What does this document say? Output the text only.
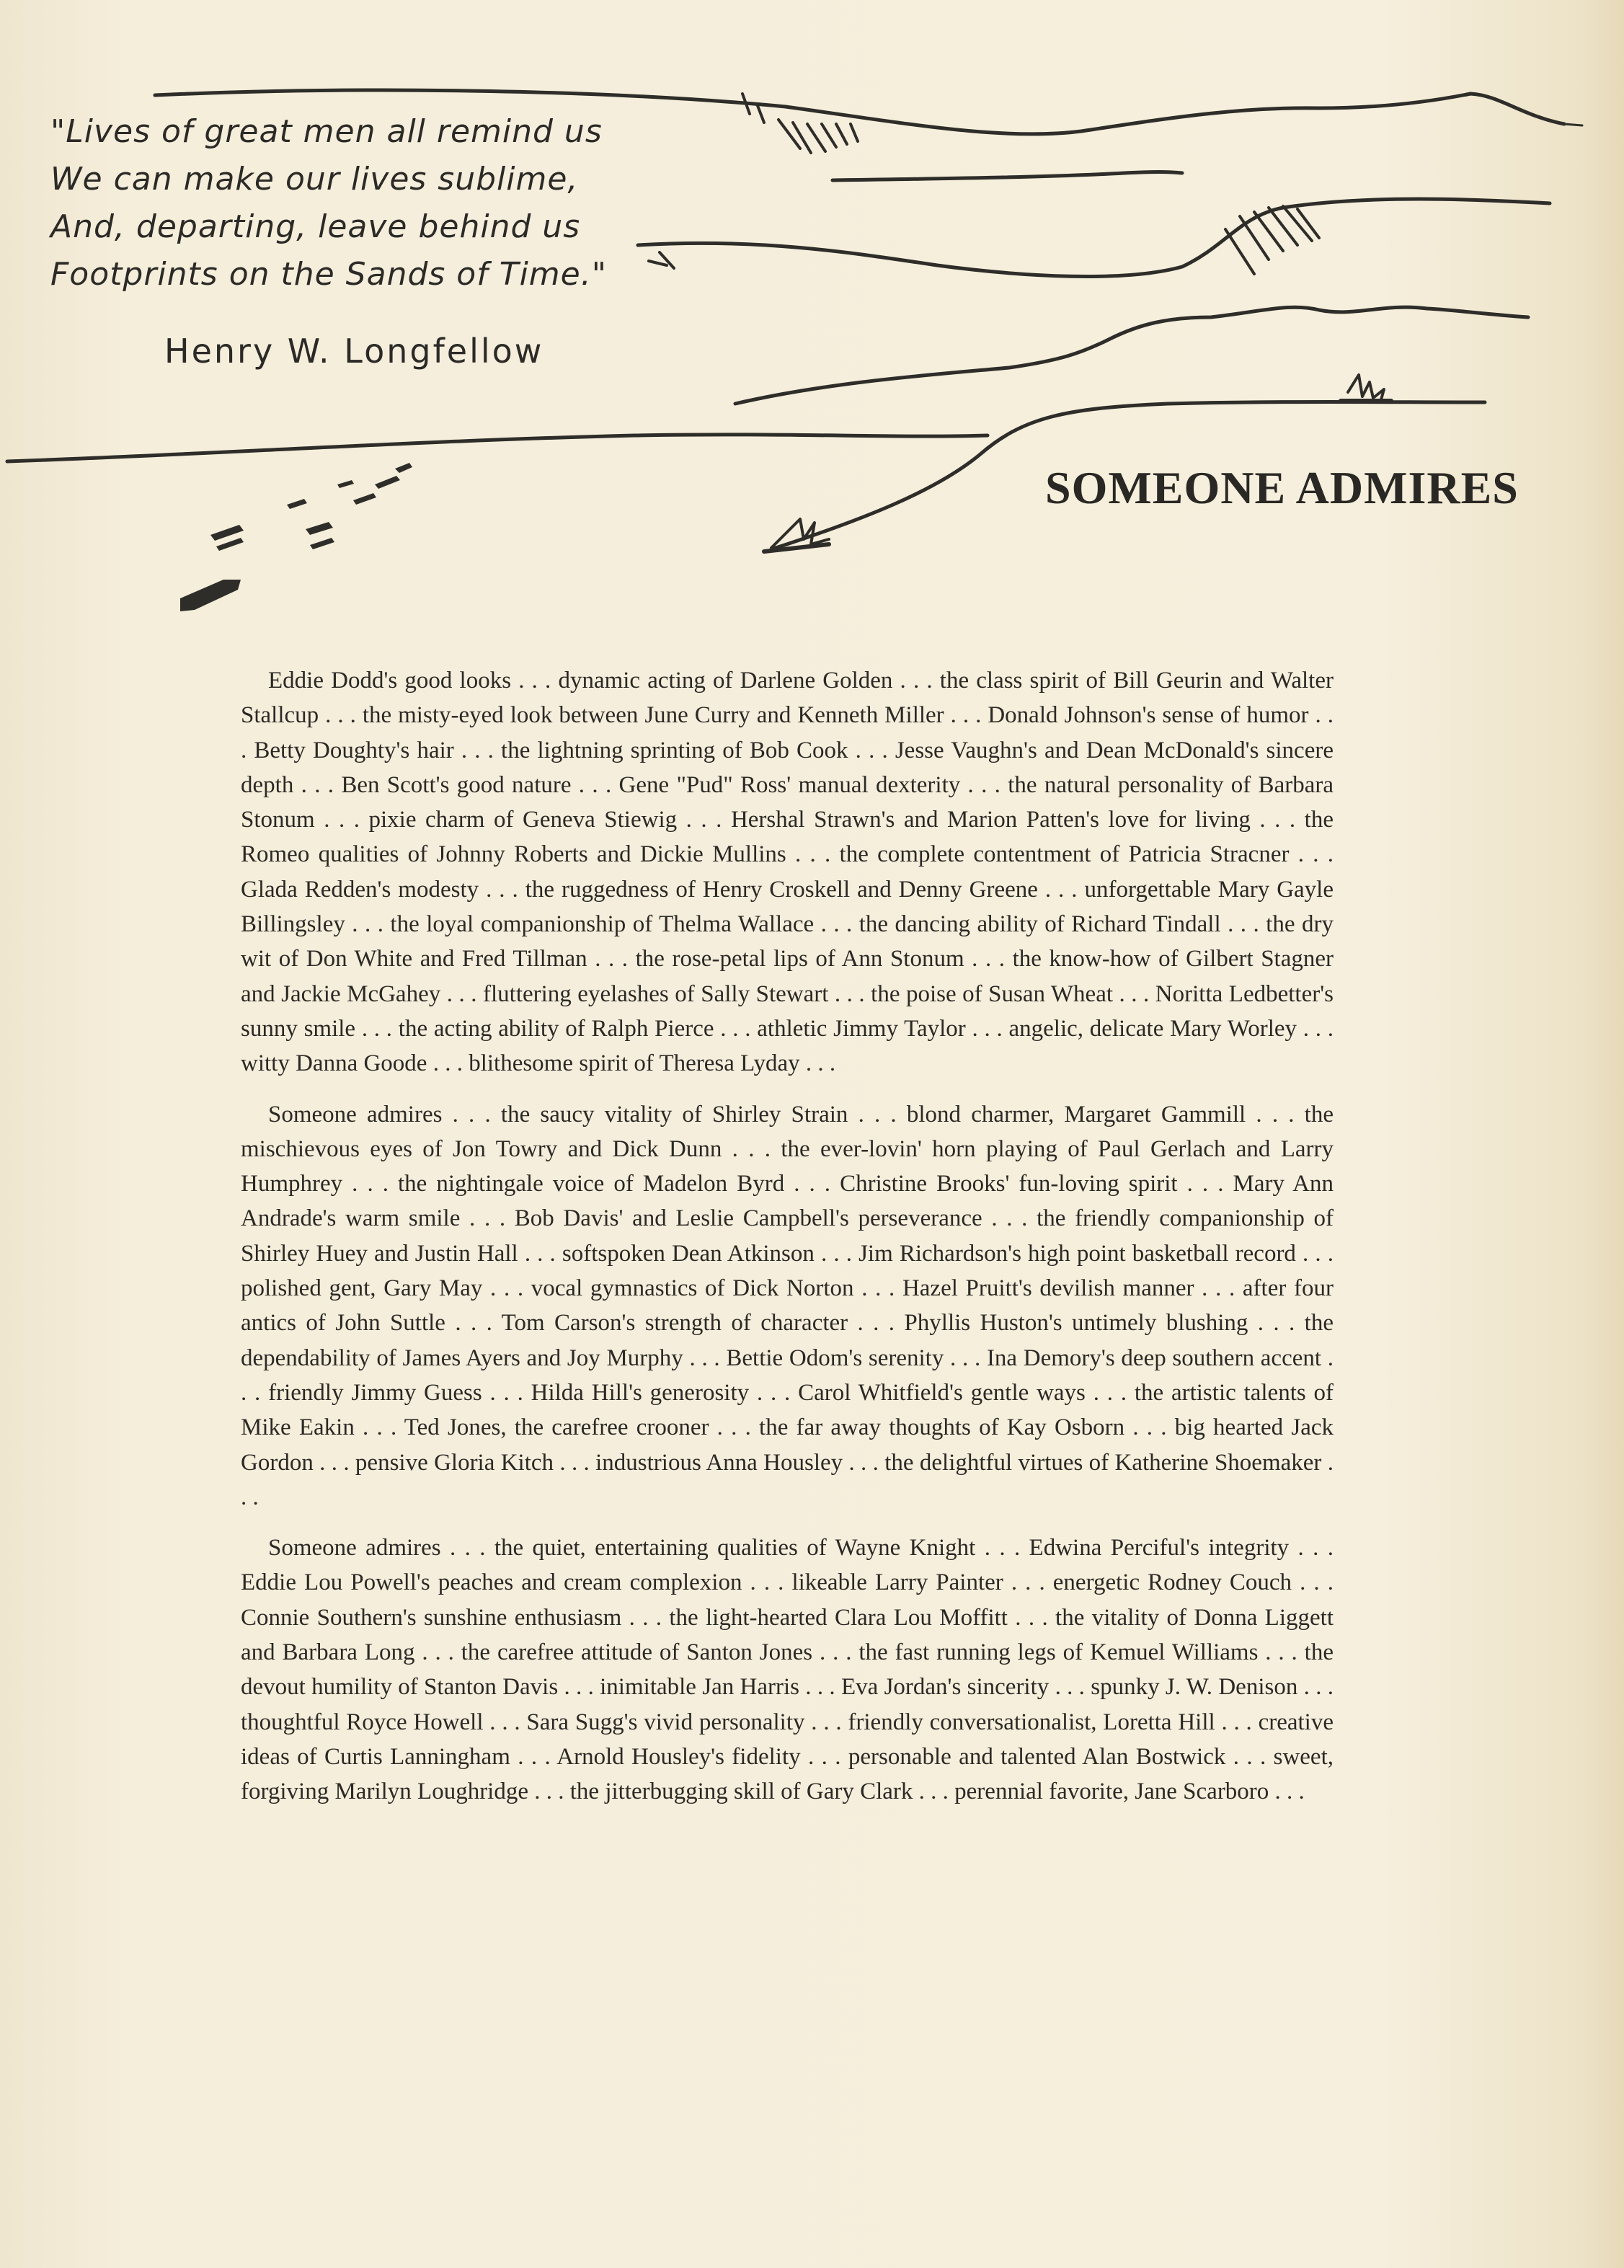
"Lives of great men all remind us
We can make our lives sublime,
And, departing, leave behind us
Footprints on the Sands of Time."
Henry W. Longfellow
SOMEONE ADMIRES

Eddie Dodd's good looks . . . dynamic acting of Darlene Golden . . . the class spirit of Bill Geurin and Walter Stallcup . . . the misty-eyed look between June Curry and Kenneth Miller . . . Donald Johnson's sense of humor . . . Betty Doughty's hair . . . the lightning sprinting of Bob Cook . . . Jesse Vaughn's and Dean McDonald's sincere depth . . . Ben Scott's good nature . . . Gene "Pud" Ross' manual dexterity . . . the natural personality of Barbara Stonum . . . pixie charm of Geneva Stiewig . . . Hershal Strawn's and Marion Patten's love for living . . . the Romeo qualities of Johnny Roberts and Dickie Mullins . . . the complete contentment of Patricia Stracner . . . Glada Redden's modesty . . . the ruggedness of Henry Croskell and Denny Greene . . . unforgettable Mary Gayle Billingsley . . . the loyal companionship of Thelma Wallace . . . the dancing ability of Richard Tindall . . . the dry wit of Don White and Fred Tillman . . . the rose-petal lips of Ann Stonum . . . the know-how of Gilbert Stagner and Jackie McGahey . . . fluttering eyelashes of Sally Stewart . . . the poise of Susan Wheat . . . Noritta Ledbetter's sunny smile . . . the acting ability of Ralph Pierce . . . athletic Jimmy Taylor . . . angelic, delicate Mary Worley . . . witty Danna Goode . . . blithesome spirit of Theresa Lyday . . .

Someone admires . . . the saucy vitality of Shirley Strain . . . blond charmer, Margaret Gammill . . . the mischievous eyes of Jon Towry and Dick Dunn . . . the ever-lovin' horn playing of Paul Gerlach and Larry Humphrey . . . the nightingale voice of Madelon Byrd . . . Christine Brooks' fun-loving spirit . . . Mary Ann Andrade's warm smile . . . Bob Davis' and Leslie Campbell's perseverance . . . the friendly companionship of Shirley Huey and Justin Hall . . . softspoken Dean Atkinson . . . Jim Richardson's high point basketball record . . . polished gent, Gary May . . . vocal gymnastics of Dick Norton . . . Hazel Pruitt's devilish manner . . . after four antics of John Suttle . . . Tom Carson's strength of character . . . Phyllis Huston's untimely blushing . . . the dependability of James Ayers and Joy Murphy . . . Bettie Odom's serenity . . . Ina Demory's deep southern accent . . . friendly Jimmy Guess . . . Hilda Hill's generosity . . . Carol Whitfield's gentle ways . . . the artistic talents of Mike Eakin . . . Ted Jones, the carefree crooner . . . the far away thoughts of Kay Osborn . . . big hearted Jack Gordon . . . pensive Gloria Kitch . . . industrious Anna Housley . . . the delightful virtues of Katherine Shoemaker . . .

Someone admires . . . the quiet, entertaining qualities of Wayne Knight . . . Edwina Perciful's integrity . . . Eddie Lou Powell's peaches and cream complexion . . . likeable Larry Painter . . . energetic Rodney Couch . . . Connie Southern's sunshine enthusiasm . . . the light-hearted Clara Lou Moffitt . . . the vitality of Donna Liggett and Barbara Long . . . the carefree attitude of Santon Jones . . . the fast running legs of Kemuel Williams . . . the devout humility of Stanton Davis . . . inimitable Jan Harris . . . Eva Jordan's sincerity . . . spunky J. W. Denison . . . thoughtful Royce Howell . . . Sara Sugg's vivid personality . . . friendly conversationalist, Loretta Hill . . . creative ideas of Curtis Lanningham . . . Arnold Housley's fidelity . . . personable and talented Alan Bostwick . . . sweet, forgiving Marilyn Loughridge . . . the jitterbugging skill of Gary Clark . . . perennial favorite, Jane Scarboro . . .
